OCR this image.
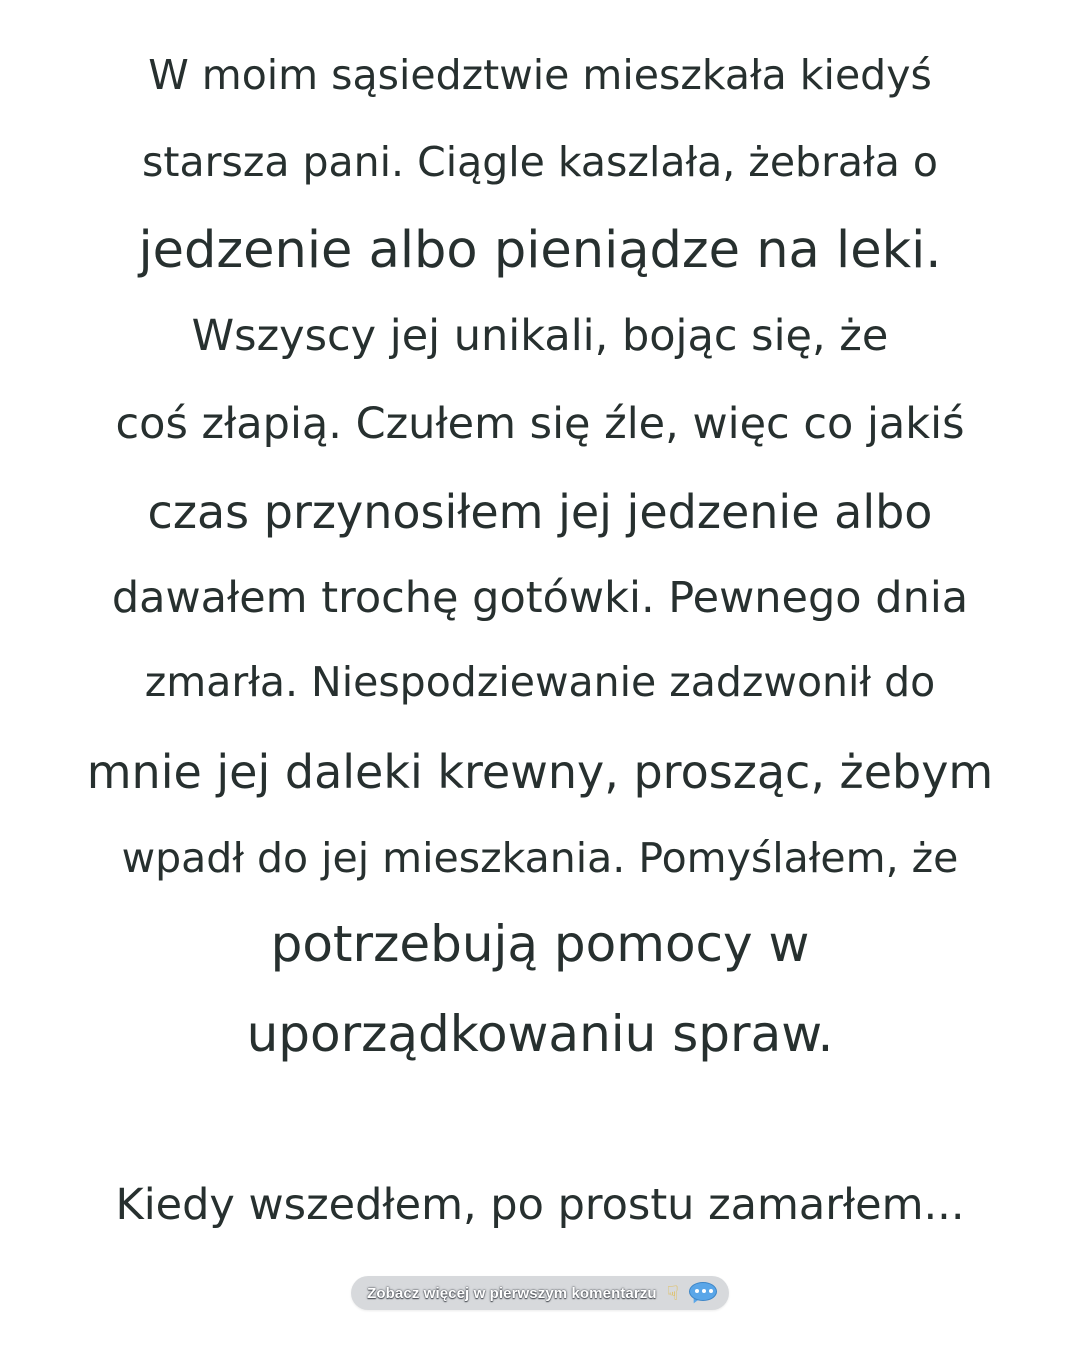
W moim sąsiedztwie mieszkała kiedyś
starsza pani. Ciągle kaszlała, żebrała o
jedzenie albo pieniądze na leki.
Wszyscy jej unikali, bojąc się, że
coś złapią. Czułem się źle, więc co jakiś
czas przynosiłem jej jedzenie albo
dawałem trochę gotówki. Pewnego dnia
zmarła. Niespodziewanie zadzwonił do
mnie jej daleki krewny, prosząc, żebym
wpadł do jej mieszkania. Pomyślałem, że
potrzebują pomocy w
uporządkowaniu spraw.
Kiedy wszedłem, po prostu zamarłem...
Zobacz więcej w pierwszym komentarzu ☟
